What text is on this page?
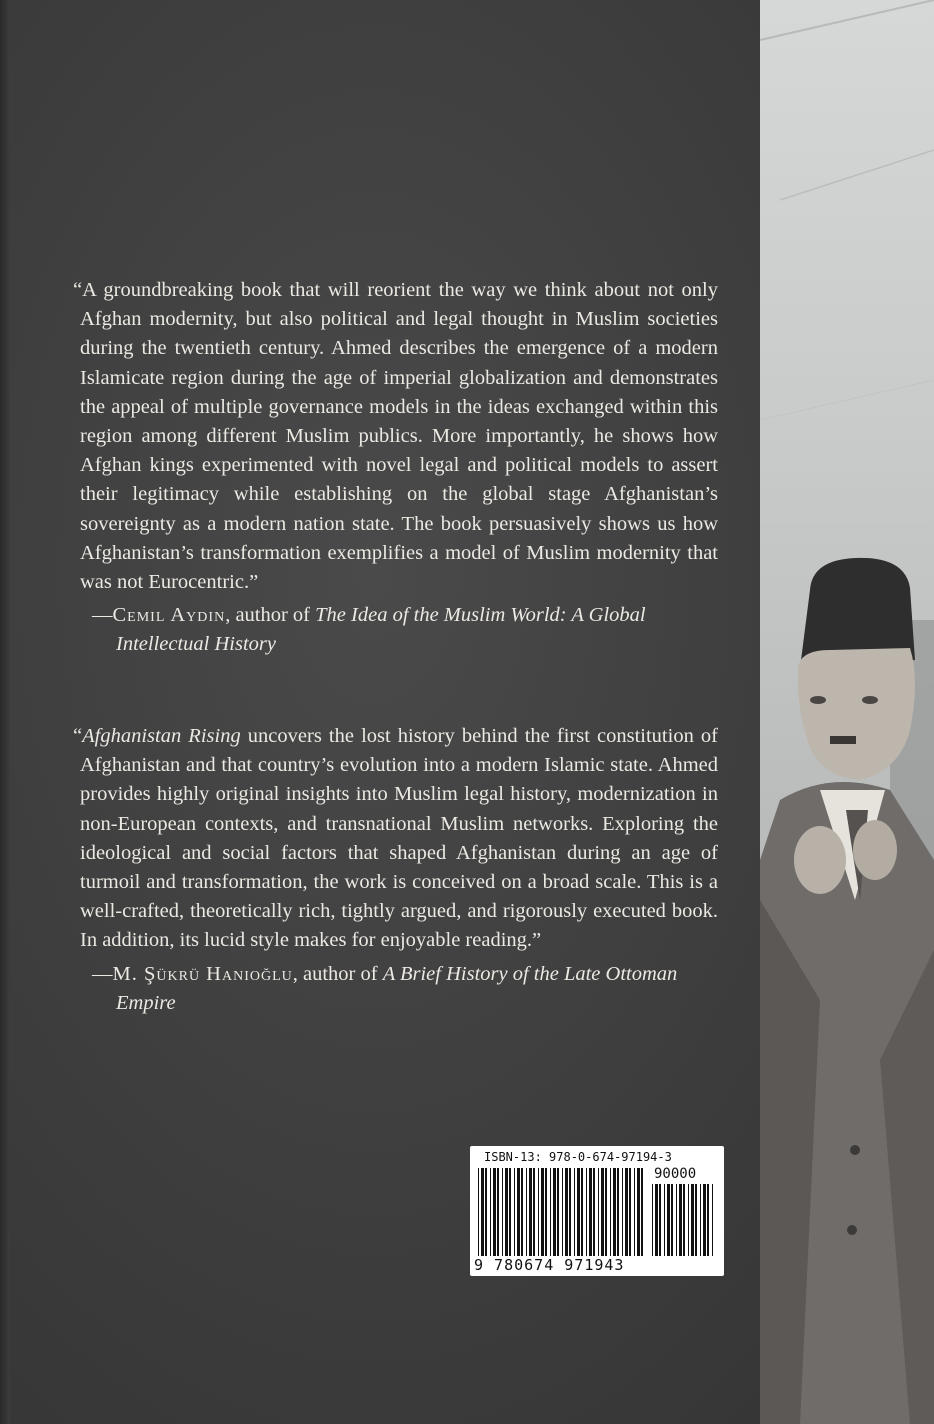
“A groundbreaking book that will reorient the way we think about not only Afghan modernity, but also political and legal thought in Muslim societies during the twentieth century. Ahmed describes the emergence of a modern Islamicate region during the age of imperial globalization and demonstrates the appeal of multiple governance models in the ideas exchanged within this region among different Muslim publics. More importantly, he shows how Afghan kings experimented with novel legal and political models to assert their legitimacy while establishing on the global stage Afghanistan’s sovereignty as a modern nation state. The book persuasively shows us how Afghanistan’s transformation exemplifies a model of Muslim modernity that was not Eurocentric.”

—Cemil Aydin, author of The Idea of the Muslim World: A Global Intellectual History

“Afghanistan Rising uncovers the lost history behind the first constitution of Afghanistan and that country’s evolution into a modern Islamic state. Ahmed provides highly original insights into Muslim legal history, modernization in non-European contexts, and transnational Muslim networks. Exploring the ideological and social factors that shaped Afghanistan during an age of turmoil and transformation, the work is conceived on a broad scale. This is a well-crafted, theoretically rich, tightly argued, and rigorously executed book. In addition, its lucid style makes for enjoyable reading.”

—M. Şükrü Hanioğlu, author of A Brief History of the Late Ottoman Empire
ISBN-13: 978-0-674-97194-3
90000
9 780674 971943
